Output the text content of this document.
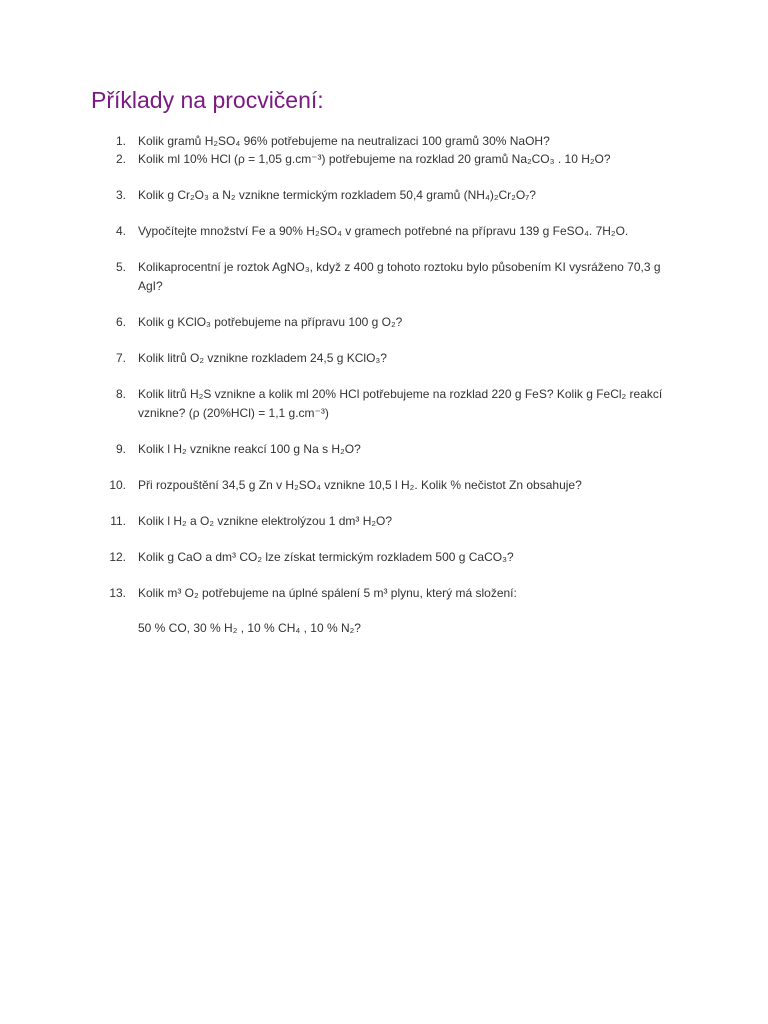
Příklady na procvičení:
1. Kolik gramů H₂SO₄ 96% potřebujeme na neutralizaci 100 gramů 30% NaOH?
2. Kolik ml 10% HCl (ρ = 1,05 g.cm⁻³) potřebujeme na rozklad 20 gramů Na₂CO₃ . 10 H₂O?
3. Kolik g Cr₂O₃ a N₂ vznikne termickým rozkladem 50,4 gramů (NH₄)₂Cr₂O₇?
4. Vypočítejte množství Fe a 90% H₂SO₄ v gramech potřebné na přípravu 139 g FeSO₄. 7H₂O.
5. Kolikaprocentní je roztok AgNO₃, když z 400 g tohoto roztoku bylo působením KI vysráženo 70,3 g AgI?
6. Kolik g KClO₃ potřebujeme na přípravu 100 g O₂?
7. Kolik litrů O₂ vznikne rozkladem 24,5 g KClO₃?
8. Kolik litrů H₂S vznikne a kolik ml 20% HCl potřebujeme na rozklad 220 g FeS? Kolik g FeCl₂ reakcí vznikne? (ρ (20%HCl) = 1,1 g.cm⁻³)
9. Kolik l H₂ vznikne reakcí 100 g Na s H₂O?
10. Při rozpouštění 34,5 g Zn v H₂SO₄ vznikne 10,5 l H₂. Kolik % nečistot Zn obsahuje?
11. Kolik l H₂ a O₂ vznikne elektrolýzou 1 dm³ H₂O?
12. Kolik g CaO a dm³ CO₂ lze získat termickým rozkladem 500 g CaCO₃?
13. Kolik m³ O₂ potřebujeme na úplné spálení 5 m³ plynu, který má složení:
50 % CO, 30 % H₂ , 10 % CH₄ , 10 % N₂?
